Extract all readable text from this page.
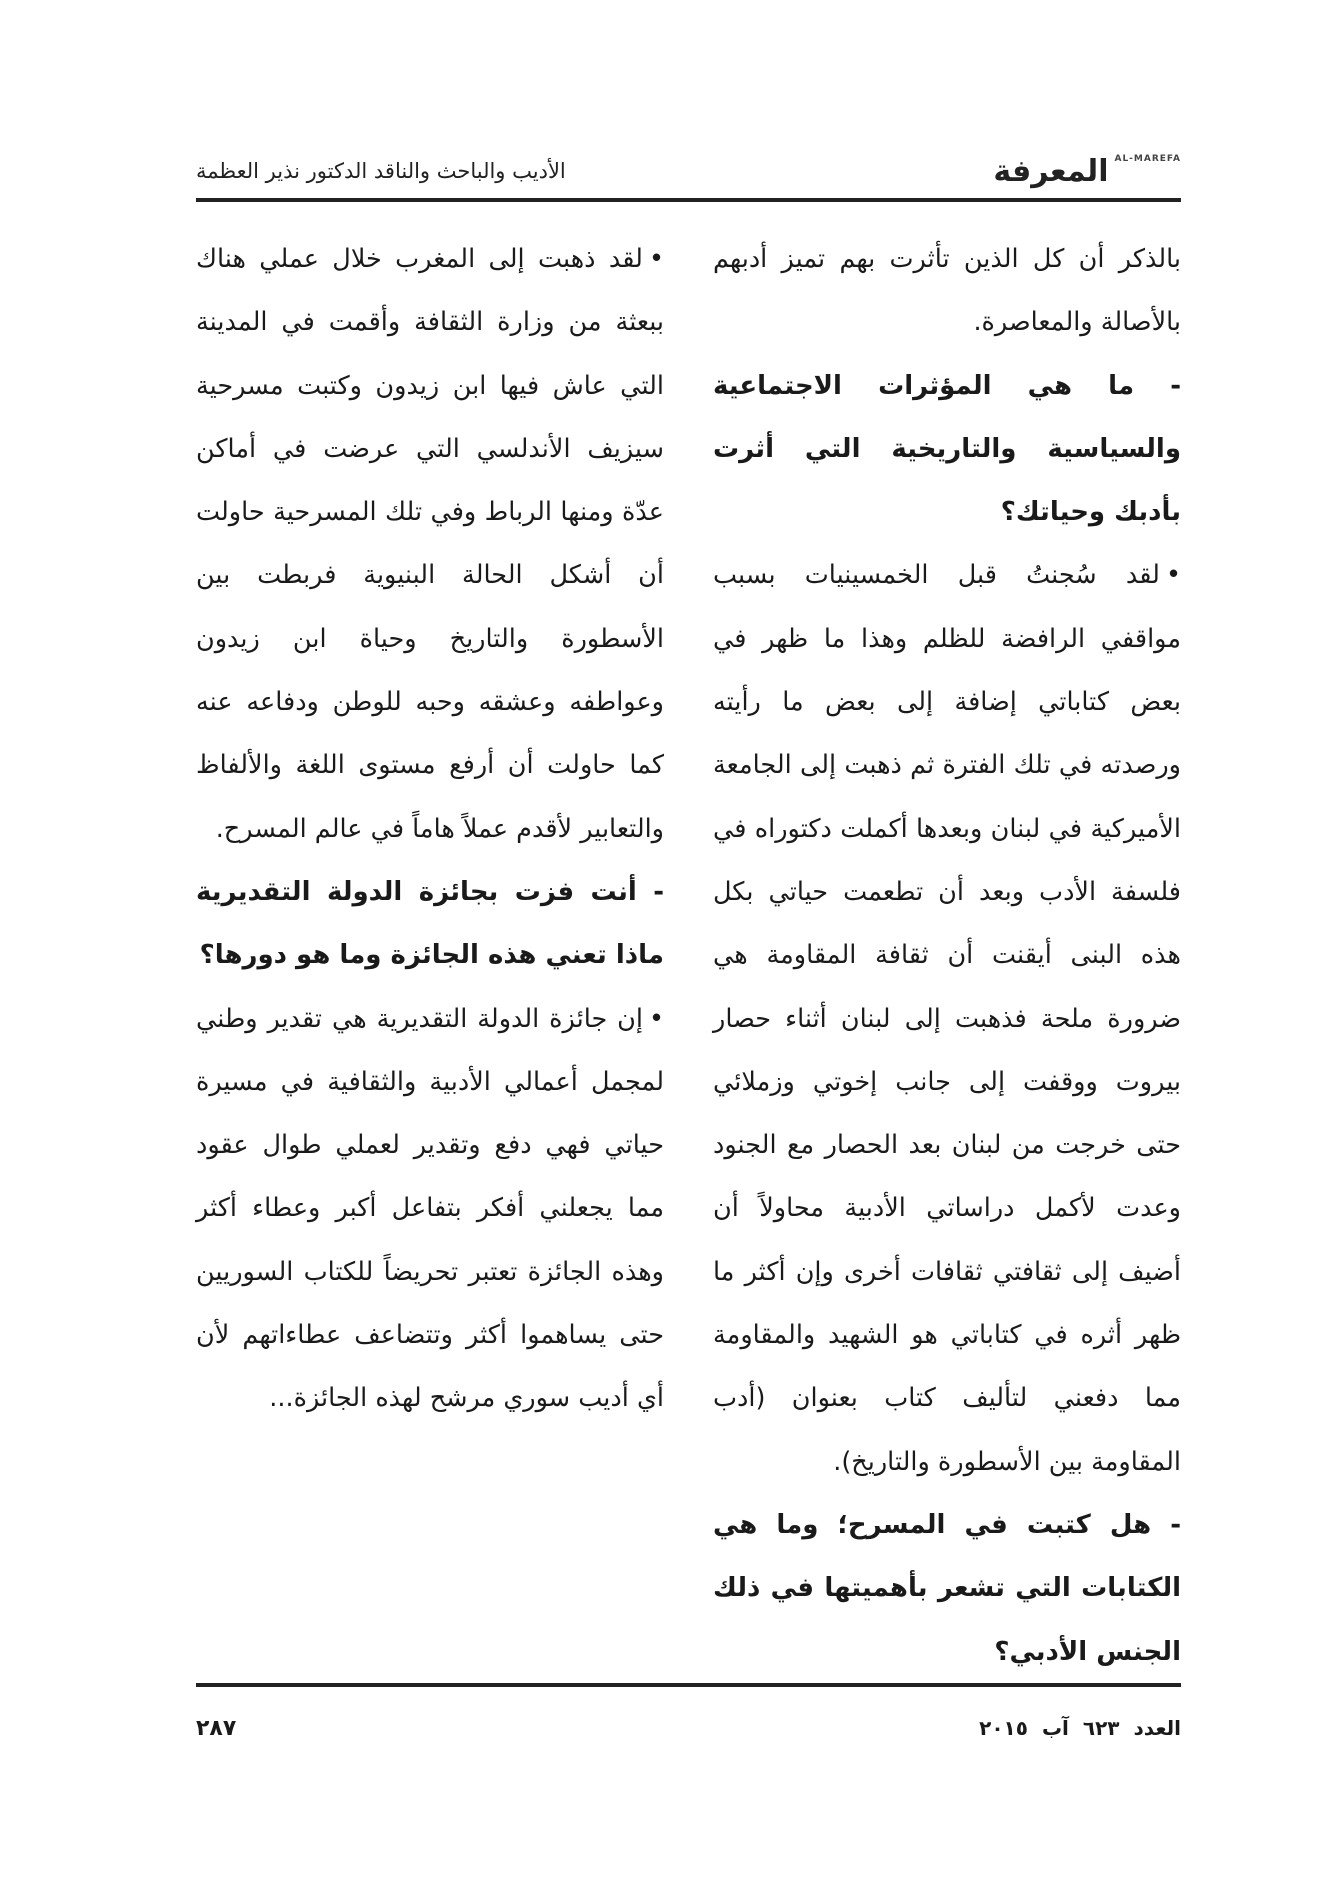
AL-MAREFA
المعرفة
الأديب والباحث والناقد الدكتور نذير العظمة

بالذكر أن كل الذين تأثرت بهم تميز أدبهم بالأصالة والمعاصرة.

- ما هي المؤثرات الاجتماعية والسياسية والتاريخية التي أثرت بأدبك وحياتك؟

•لقد سُجنتُ قبل الخمسينيات بسبب مواقفي الرافضة للظلم وهذا ما ظهر في بعض كتاباتي إضافة إلى بعض ما رأيته ورصدته في تلك الفترة ثم ذهبت إلى الجامعة الأميركية في لبنان وبعدها أكملت دكتوراه في فلسفة الأدب وبعد أن تطعمت حياتي بكل هذه البنى أيقنت أن ثقافة المقاومة هي ضرورة ملحة فذهبت إلى لبنان أثناء حصار بيروت ووقفت إلى جانب إخوتي وزملائي حتى خرجت من لبنان بعد الحصار مع الجنود وعدت لأكمل دراساتي الأدبية محاولاً أن أضيف إلى ثقافتي ثقافات أخرى وإن أكثر ما ظهر أثره في كتاباتي هو الشهيد والمقاومة مما دفعني لتأليف كتاب بعنوان (أدب المقاومة بين الأسطورة والتاريخ).

- هل كتبت في المسرح؛ وما هي الكتابات التي تشعر بأهميتها في ذلك الجنس الأدبي؟

•لقد ذهبت إلى المغرب خلال عملي هناك ببعثة من وزارة الثقافة وأقمت في المدينة التي عاش فيها ابن زيدون وكتبت مسرحية سيزيف الأندلسي التي عرضت في أماكن عدّة ومنها الرباط وفي تلك المسرحية حاولت أن أشكل الحالة البنيوية فربطت بين الأسطورة والتاريخ وحياة ابن زيدون وعواطفه وعشقه وحبه للوطن ودفاعه عنه كما حاولت أن أرفع مستوى اللغة والألفاظ والتعابير لأقدم عملاً هاماً في عالم المسرح.

- أنت فزت بجائزة الدولة التقديرية ماذا تعني هذه الجائزة وما هو دورها؟

•إن جائزة الدولة التقديرية هي تقدير وطني لمجمل أعمالي الأدبية والثقافية في مسيرة حياتي فهي دفع وتقدير لعملي طوال عقود مما يجعلني أفكر بتفاعل أكبر وعطاء أكثر وهذه الجائزة تعتبر تحريضاً للكتاب السوريين حتى يساهموا أكثر وتتضاعف عطاءاتهم لأن أي أديب سوري مرشح لهذه الجائزة...

العدد
٦٢٣
آب
٢٠١٥
٢٨٧
